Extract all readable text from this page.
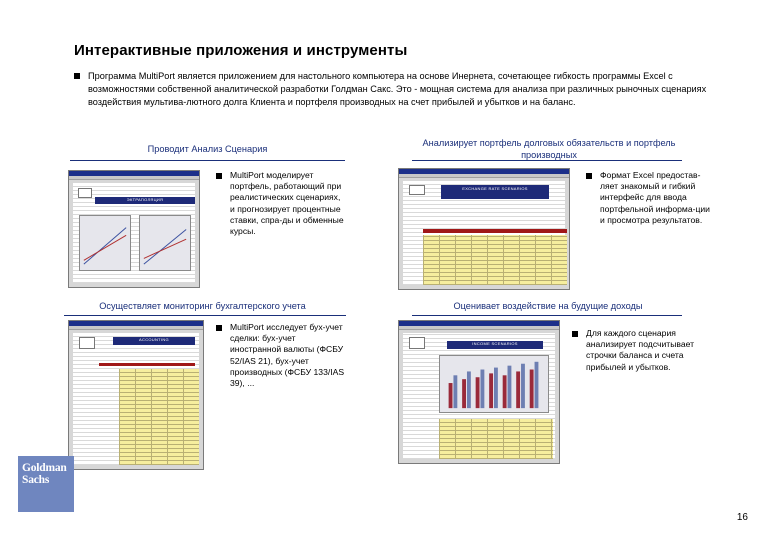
Интерактивные приложения и инструменты
Программа MultiPort является приложением для настольного компьютера на основе Инернета, сочетающее гибкость программы Excel с возможностями собственной аналитической разработки Голдман Сакс. Это - мощная система для анализа при различных рыночных сценариях воздействия мультива-лютного долга Клиента и портфеля производных на счет прибылей и убытков и на баланс.
Проводит Анализ Сценария
ЭКТРАПОЛЯЦИЯ
MultiPort моделирует портфель, работающий при реалистических сценариях, и прогнозирует процентные ставки, спра-ды и обменные курсы.
Анализирует портфель долговых обязательств и портфель производных
EXCHANGE RATE SCENARIOS
Формат Excel предостав-ляет знакомый и гибкий интерфейс для ввода портфельной информа-ции и просмотра результатов.
Осуществляет мониторинг бухгалтерского учета
ACCOUNTING
MultiPort исследует бух-учет сделки: бух-учет иностранной валюты (ФСБУ 52/IAS 21), бух-учет производных (ФСБУ 133/IAS 39), ...
Оценивает воздействие на будущие доходы
INCOME SCENARIOS
Для каждого сценария анализирует подсчитывает строчки баланса и счета прибылей и убытков.
Goldman
Sachs
16
